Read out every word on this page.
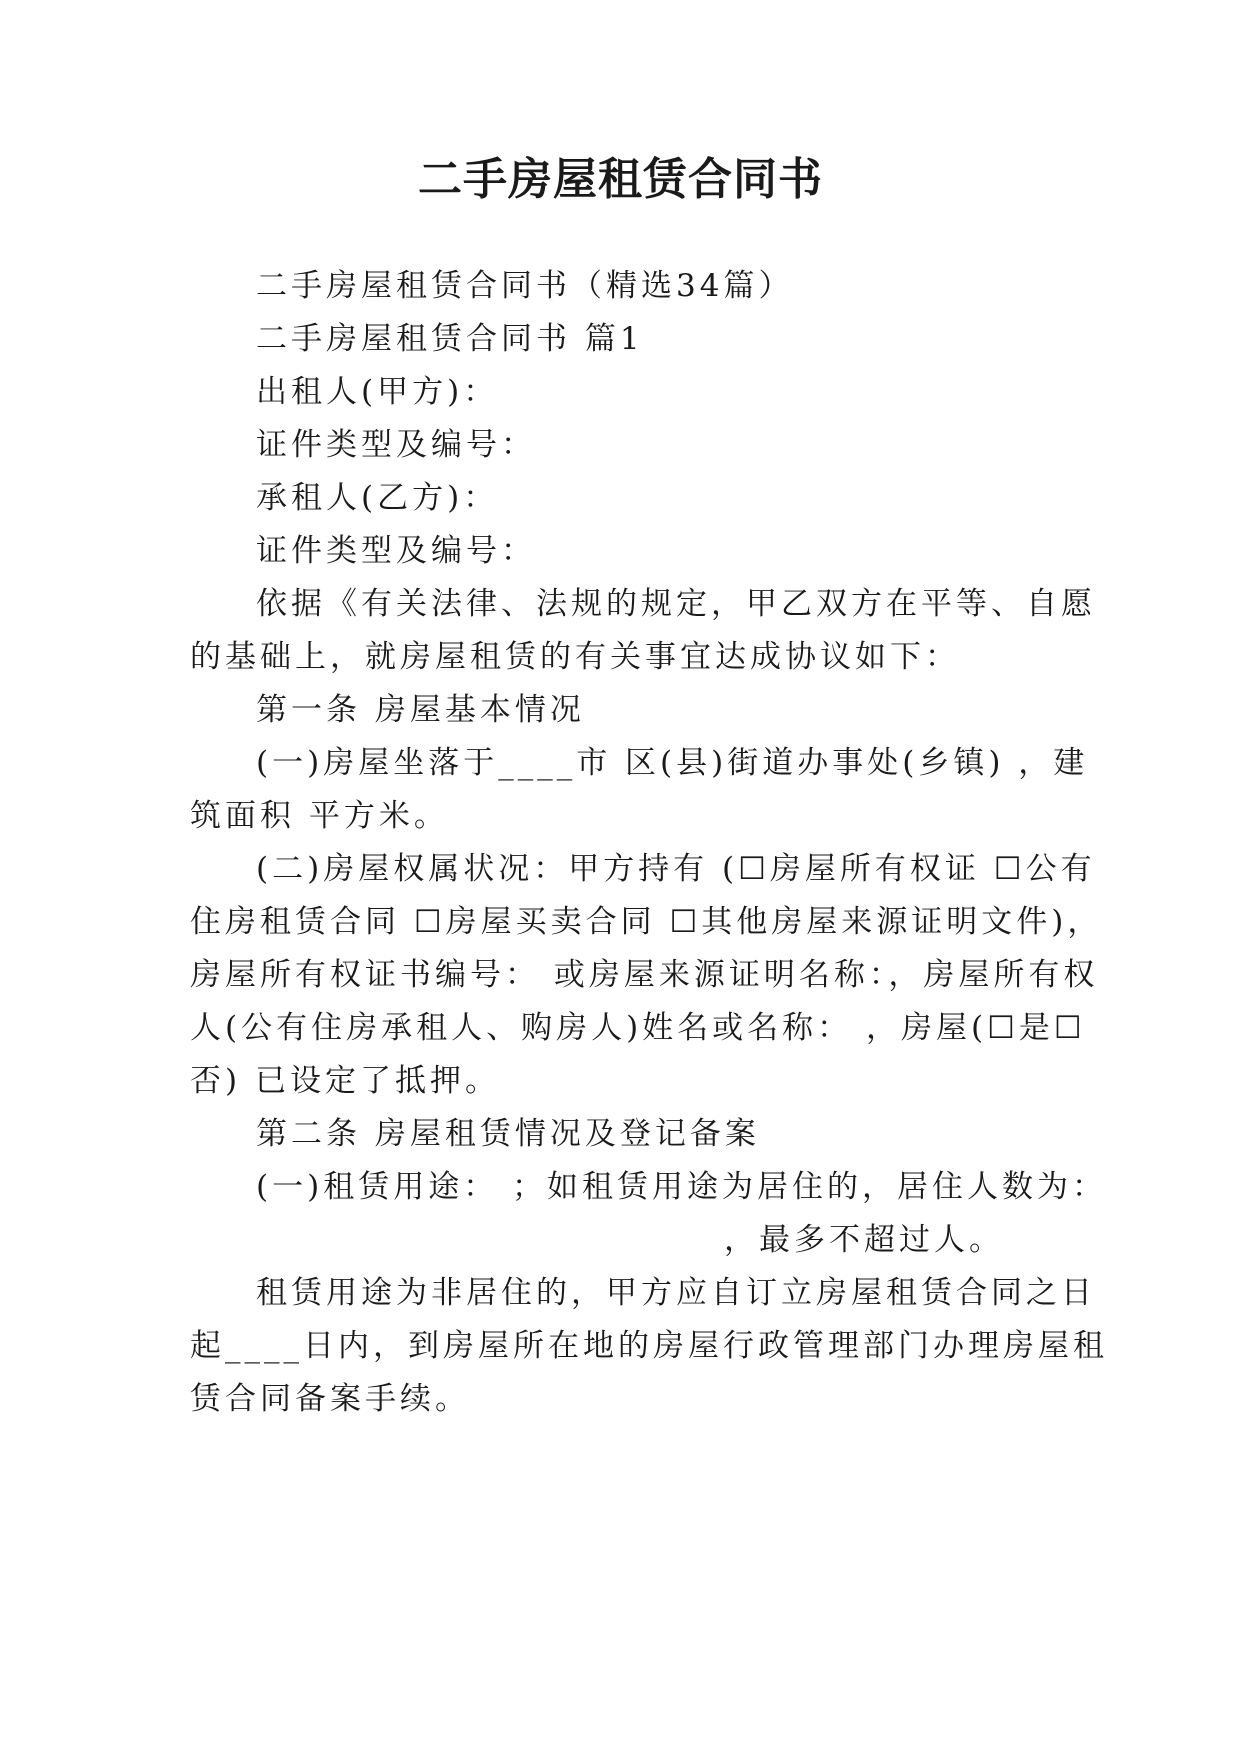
二手房屋租赁合同书
二手房屋租赁合同书（精选34篇）
二手房屋租赁合同书 篇1
出租人(甲方)：
证件类型及编号：
承租人(乙方)：
证件类型及编号：
依据《有关法律、法规的规定，甲乙双方在平等、自愿
的基础上，就房屋租赁的有关事宜达成协议如下：
第一条 房屋基本情况
(一)房屋坐落于____市 区(县)街道办事处(乡镇) ，建
筑面积 平方米。
(二)房屋权属状况：甲方持有 (☐房屋所有权证 ☐公有
住房租赁合同 ☐房屋买卖合同 ☐其他房屋来源证明文件)，
房屋所有权证书编号： 或房屋来源证明名称：，房屋所有权
人(公有住房承租人、购房人)姓名或名称： ，房屋(☐是☐
否) 已设定了抵押。
第二条 房屋租赁情况及登记备案
(一)租赁用途： ；如租赁用途为居住的，居住人数为：
，最多不超过人。
租赁用途为非居住的，甲方应自订立房屋租赁合同之日
起____日内，到房屋所在地的房屋行政管理部门办理房屋租
赁合同备案手续。
